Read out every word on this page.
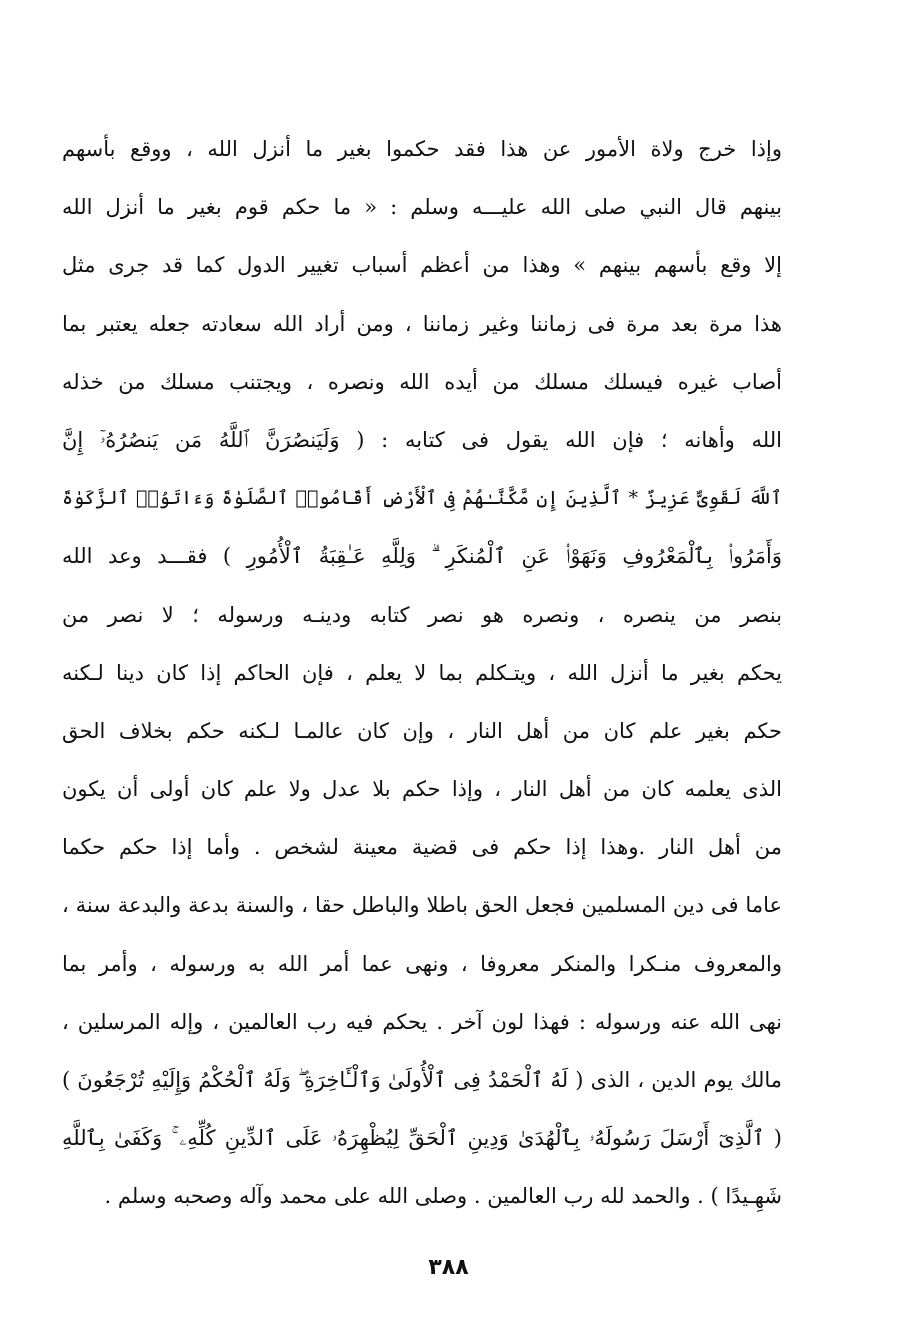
وإذا خرج ولاة الأمور عن هذا فقد حكموا بغير ما أنزل الله ، ووقع بأسهم
بينهم قال النبي صلى الله عليـــه وسلم : « ما حكم قوم بغير ما أنزل الله
إلا وقع بأسهم بينهم » وهذا من أعظم أسباب تغيير الدول كما قد جرى مثل
هذا مرة بعد مرة فى زماننا وغير زماننا ، ومن أراد الله سعادته جعله يعتبر بما
أصاب غيره فيسلك مسلك من أيده الله ونصره ، ويجتنب مسلك من خذله
الله وأهانه ؛ فإن الله يقول فى كتابه : ( وَلَيَنصُرَنَّ ٱللَّهُ مَن يَنصُرُهُۥٓ إِنَّ
ٱللَّهَ لَقَوِىٌّ عَزِيزٌ * ٱلَّذِينَ إِن مَّكَّنَّـٰهُمْ فِى ٱلْأَرْضِ أَقَامُوا۟ ٱلصَّلَوٰةَ وَءَاتَوُا۟ ٱلزَّكَوٰةَ
وَأَمَرُوا۟ بِٱلْمَعْرُوفِ وَنَهَوْا۟ عَنِ ٱلْمُنكَرِ ۗ وَلِلَّهِ عَـٰقِبَةُ ٱلْأُمُورِ ) فقـــد وعد الله
بنصر من ينصره ، ونصره هو نصر كتابه ودينـه ورسوله ؛ لا نصر من
يحكم بغير ما أنزل الله ، ويتـكلم بما لا يعلم ، فإن الحاكم إذا كان دينا لـكنه
حكم بغير علم كان من أهل النار ، وإن كان عالمـا لـكنه حكم بخلاف الحق
الذى يعلمه كان من أهل النار ، وإذا حكم بلا عدل ولا علم كان أولى أن يكون
من أهل النار .وهذا إذا حكم فى قضية معينة لشخص . وأما إذا حكم حكما
عاما فى دين المسلمين فجعل الحق باطلا والباطل حقا ، والسنة بدعة والبدعة سنة ،
والمعروف منـكرا والمنكر معروفا ، ونهى عما أمر الله به ورسوله ، وأمر بما
نهى الله عنه ورسوله : فهذا لون آخر . يحكم فيه رب العالمين ، وإله المرسلين ،
مالك يوم الدين ، الذى ( لَهُ ٱلْحَمْدُ فِى ٱلْأُولَىٰ وَٱلْـَٔاخِرَةِ ۖ وَلَهُ ٱلْحُكْمُ وَإِلَيْهِ تُرْجَعُونَ )
( ٱلَّذِىٓ أَرْسَلَ رَسُولَهُۥ بِٱلْهُدَىٰ وَدِينِ ٱلْحَقِّ لِيُظْهِرَهُۥ عَلَى ٱلدِّينِ كُلِّهِۦ ۚ وَكَفَىٰ بِٱللَّهِ
شَهِـيدًا ) . والحمد لله رب العالمين . وصلى الله على محمد وآله وصحبه وسلم .
٣٨٨
